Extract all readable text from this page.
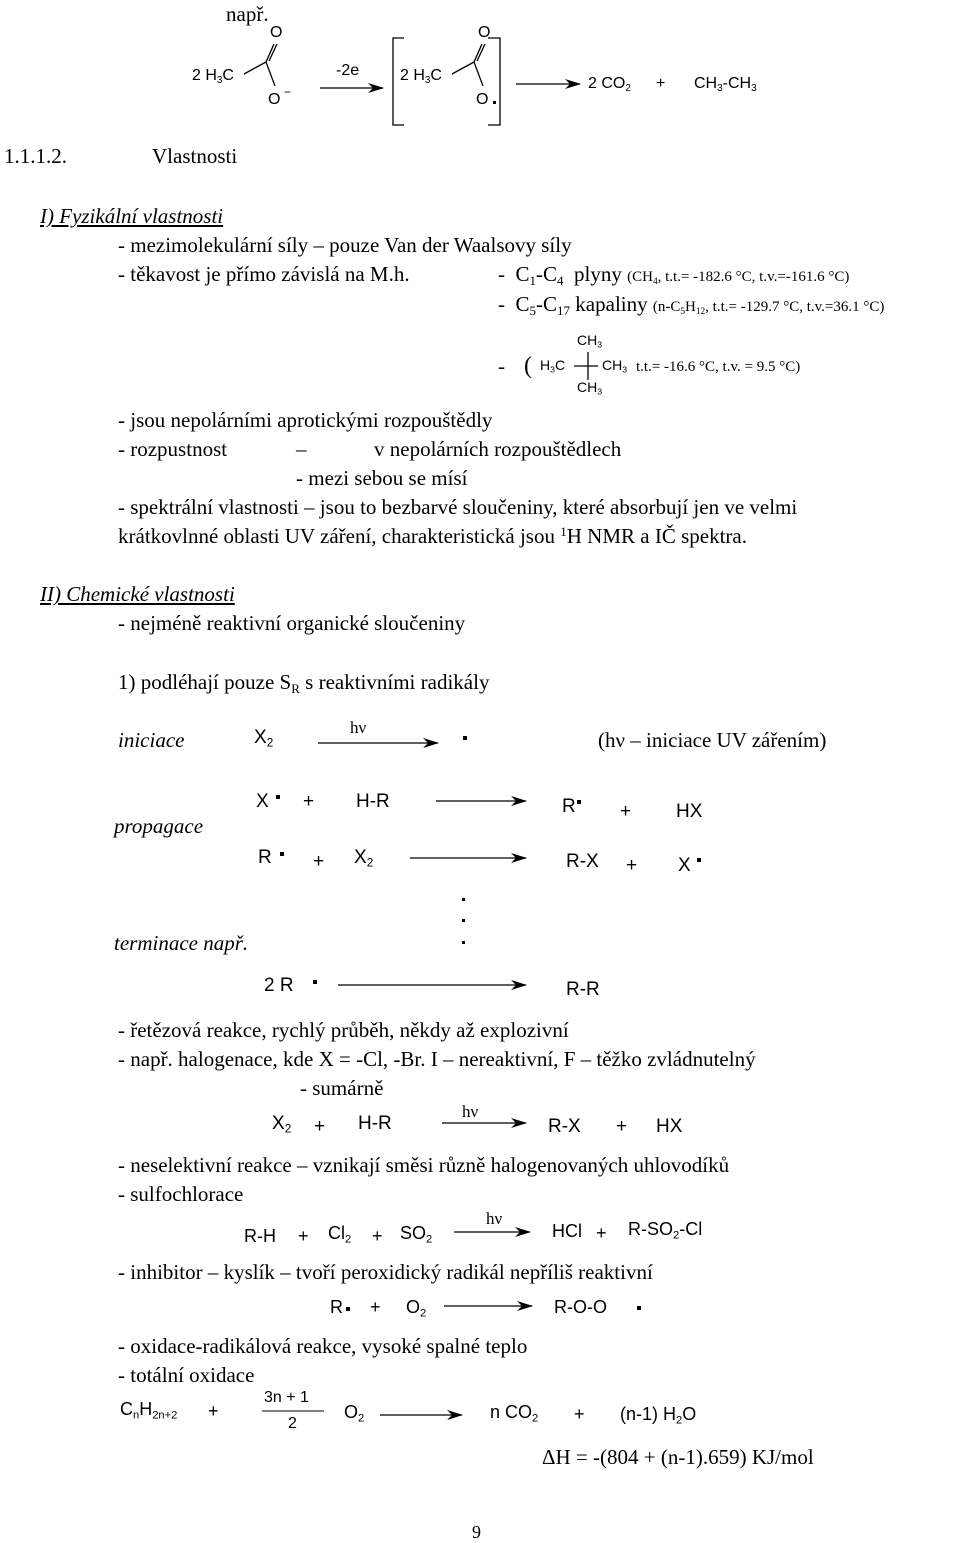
např.
2 $H_3C$
O
O −
-2e	2 $H_3C$
O
O
2 $CO_2 + CH_3-CH_3$
1.1.1.2.	Vlastnosti
I) Fyzikální vlastnosti
- mezimolekulární síly – pouze Van der Waalsovy síly
- těkavost je přímo závislá na M.h.	- $C_1-C_4$ plyny ($CH_4$, t.t.= -182.6 °C, t.v.=-161.6 °C)
- $C_5-C_{17}$ kapaliny ($n-C_5H_{12}$, t.t.= -129.7 °C, t.v.=36.1 °C)
- (
$CH_3$
$H_3C$	$CH_3$
$CH_3$
t.t.= -16.6 °C, t.v. = 9.5 °C)
- jsou nepolárními aprotickými rozpouštědly
- rozpustnost	–	v nepolárních rozpouštědlech
- mezi sebou se mísí
- spektrální vlastnosti – jsou to bezbarvé sloučeniny, které absorbují jen ve velmi
krátkovlnné oblasti UV záření, charakteristická jsou $^1$H NMR a IČ spektra.
II) Chemické vlastnosti
- nejméně reaktivní organické sloučeniny
1) podléhají pouze $S_R$ s reaktivními radikály
iniciace	$X_2$
hν
(hν – iniciace UV zářením)
propagace
X + H-R	R + HX
$R + X_2$	R-X + X
terminace např.
2 R	R-R
- řetězová reakce, rychlý průběh, někdy až explozivní
- např. halogenace, kde X = -Cl, -Br. I – nereaktivní, F – těžko zvládnutelný
- sumárně
$X_2 + H-R$
hν
R-X + HX
- neselektivní reakce – vznikají směsi různě halogenovaných uhlovodíků
- sulfochlorace
$R-H + Cl_2 + SO_2$
hν
HCl + $R-SO_2-Cl$
- inhibitor – kyslík – tvoří peroxidický radikál nepříliš reaktivní
$R + O_2$	R-O-O
- oxidace-radikálová reakce, vysoké spalné teplo
- totální oxidace
$C_nH_{2n+2}$ +
3n + 1
2
$O_2$	n $CO_2 + (n-1)$ $H_2O$
ΔH = -(804 + (n-1).659) KJ/mol
9
